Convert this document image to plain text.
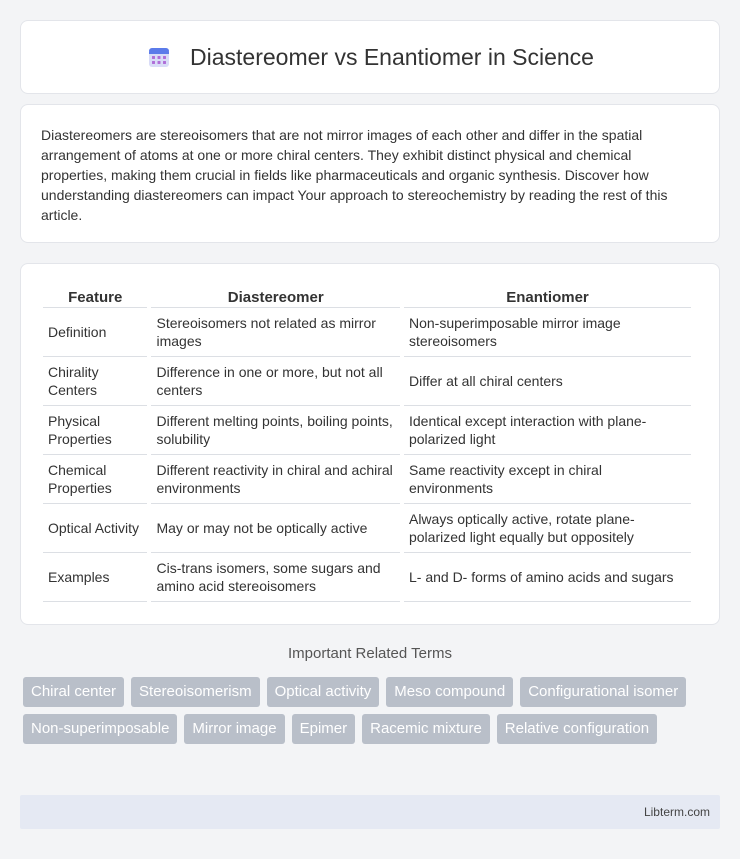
Diastereomer vs Enantiomer in Science

Diastereomers are stereoisomers that are not mirror images of each other and differ in the spatial arrangement of atoms at one or more chiral centers. They exhibit distinct physical and chemical properties, making them crucial in fields like pharmaceuticals and organic synthesis. Discover how understanding diastereomers can impact Your approach to stereochemistry by reading the rest of this article.

Feature	Diastereomer	Enantiomer
Definition	Stereoisomers not related as mirror images	Non-superimposable mirror image stereoisomers
Chirality Centers	Difference in one or more, but not all centers	Differ at all chiral centers
Physical Properties	Different melting points, boiling points, solubility	Identical except interaction with plane-polarized light
Chemical Properties	Different reactivity in chiral and achiral environments	Same reactivity except in chiral environments
Optical Activity	May or may not be optically active	Always optically active, rotate plane-polarized light equally but oppositely
Examples	Cis-trans isomers, some sugars and amino acid stereoisomers	L- and D- forms of amino acids and sugars
Important Related Terms
Chiral center	Stereoisomerism	Optical activity	Meso compound	Configurational isomer
Non-superimposable	Mirror image	Epimer	Racemic mixture	Relative configuration
Libterm.com
